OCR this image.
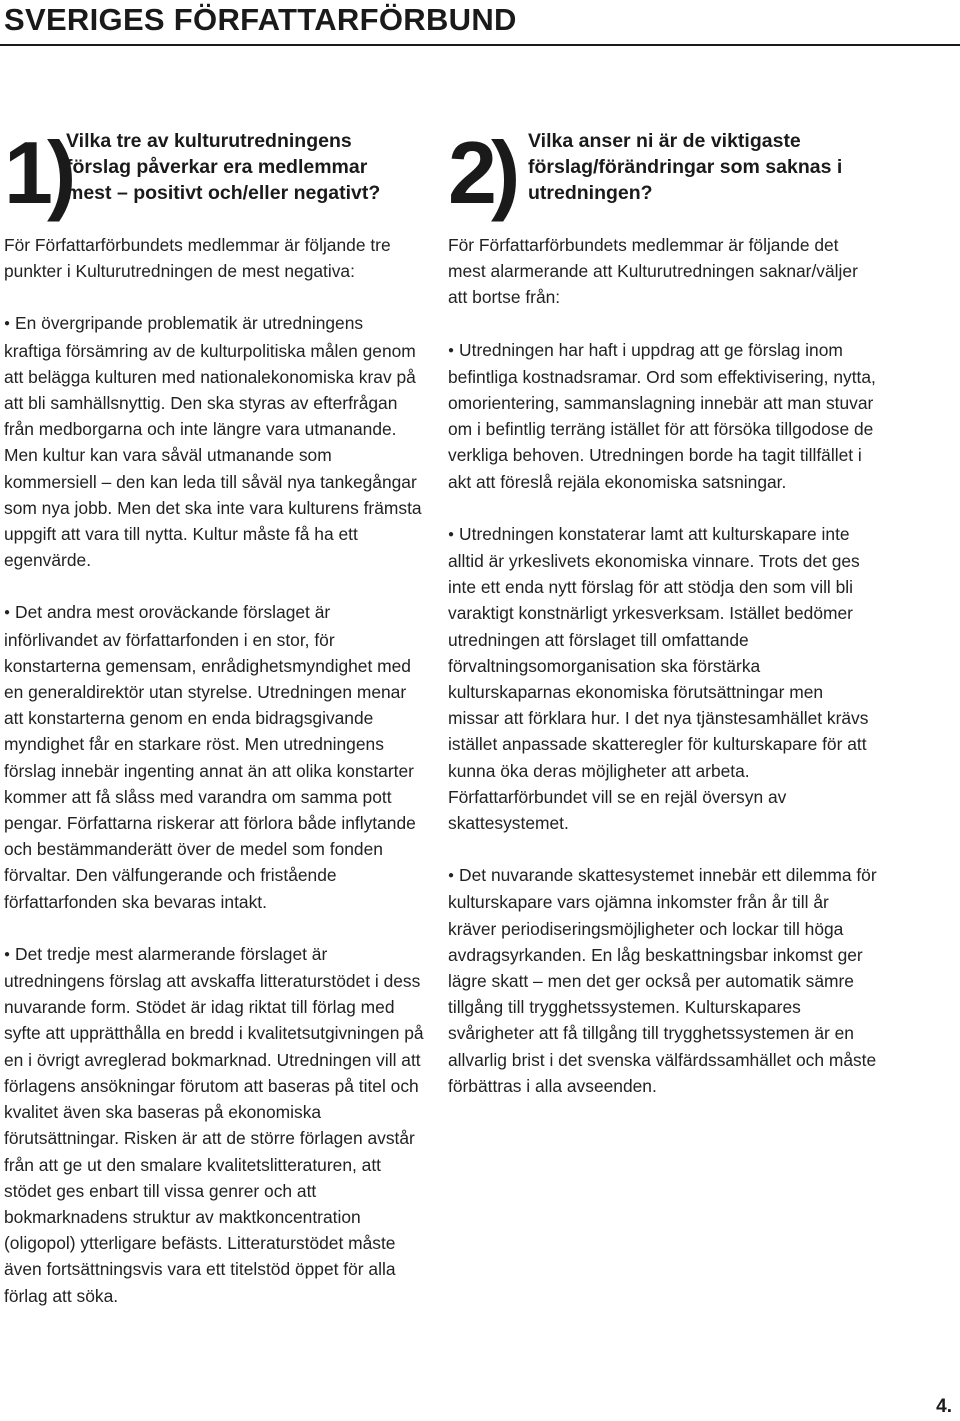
SVERIGES FÖRFATTARFÖRBUND
1)

Vilka tre av kulturutredningens förslag påverkar era medlemmar mest – positivt och/eller negativt?

För Författarförbundets medlemmar är följande tre punkter i Kulturutredningen de mest negativa:

● En övergripande problematik är utredningens kraftiga försämring av de kulturpolitiska målen genom att belägga kulturen med nationalekonomiska krav på att bli samhällsnyttig. Den ska styras av efterfrågan från medborgarna och inte längre vara utmanande. Men kultur kan vara såväl utmanande som kommersiell – den kan leda till såväl nya tankegångar som nya jobb. Men det ska inte vara kulturens främsta uppgift att vara till nytta. Kultur måste få ha ett egenvärde.

● Det andra mest oroväckande förslaget är införlivandet av författarfonden i en stor, för konstarterna gemensam, enrådighetsmyndighet med en generaldirektör utan styrelse. Utredningen menar att konstarterna genom en enda bidragsgivande myndighet får en starkare röst. Men utredningens förslag innebär ingenting annat än att olika konstarter kommer att få slåss med varandra om samma pott pengar. Författarna riskerar att förlora både inflytande och bestämmanderätt över de medel som fonden förvaltar. Den välfungerande och fristående författarfonden ska bevaras intakt.

● Det tredje mest alarmerande förslaget är utredningens förslag att avskaffa litteraturstödet i dess nuvarande form. Stödet är idag riktat till förlag med syfte att upprätthålla en bredd i kvalitetsutgivningen på en i övrigt avreglerad bokmarknad. Utredningen vill att förlagens ansökningar förutom att baseras på titel och kvalitet även ska baseras på ekonomiska förutsättningar. Risken är att de större förlagen avstår från att ge ut den smalare kvalitetslitteraturen, att stödet ges enbart till vissa genrer och att bokmarknadens struktur av maktkoncentration (oligopol) ytterligare befästs. Litteraturstödet måste även fortsättningsvis vara ett titelstöd öppet för alla förlag att söka.

2) Vilka anser ni är de viktigaste förslag/förändringar som saknas i utredningen?

För Författarförbundets medlemmar är följande det mest alarmerande att Kulturutredningen saknar/väljer att bortse från:

● Utredningen har haft i uppdrag att ge förslag inom befintliga kostnadsramar. Ord som effektivisering, nytta, omorientering, sammanslagning innebär att man stuvar om i befintlig terräng istället för att försöka tillgodose de verkliga behoven. Utredningen borde ha tagit tillfället i akt att föreslå rejäla ekonomiska satsningar.

● Utredningen konstaterar lamt att kulturskapare inte alltid är yrkeslivets ekonomiska vinnare. Trots det ges inte ett enda nytt förslag för att stödja den som vill bli varaktigt konstnärligt yrkesverksam. Istället bedömer utredningen att förslaget till omfattande förvaltningsomorganisation ska förstärka kulturskaparnas ekonomiska förutsättningar men missar att förklara hur. I det nya tjänstesamhället krävs istället anpassade skatteregler för kulturskapare för att kunna öka deras möjligheter att arbeta. Författarförbundet vill se en rejäl översyn av skattesystemet.

● Det nuvarande skattesystemet innebär ett dilemma för kulturskapare vars ojämna inkomster från år till år kräver periodiseringsmöjligheter och lockar till höga avdragsyrkanden. En låg beskattningsbar inkomst ger lägre skatt – men det ger också per automatik sämre tillgång till trygghetssystemen. Kulturskapares svårigheter att få tillgång till trygghetssystemen är en allvarlig brist i det svenska välfärdssamhället och måste förbättras i alla avseenden.

4.
